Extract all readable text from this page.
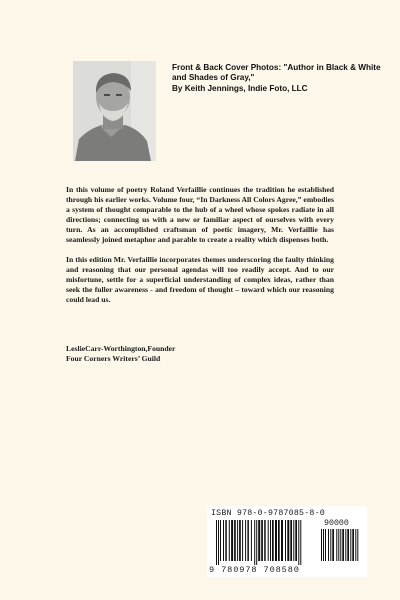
Front & Back Cover Photos: "Author in Black & White and Shades of Gray,"
By Keith Jennings, Indie Foto, LLC

In this volume of poetry Roland Verfaillie continues the tradition he established through his earlier works. Volume four, “In Darkness All Colors Agree,” embodies a system of thought comparable to the hub of a wheel whose spokes radiate in all directions; connecting us with a new or familiar aspect of ourselves with every turn. As an accomplished craftsman of poetic imagery, Mr. Verfaillie has seamlessly joined metaphor and parable to create a reality which dispenses both.

In this edition Mr. Verfaillie incorporates themes underscoring the faulty thinking and reasoning that our personal agendas will too readily accept. And to our misfortune, settle for a superficial understanding of complex ideas, rather than seek the fuller awareness - and freedom of thought – toward which our reasoning could lead us.

LeslieCarr-Worthington,Founder
Four Corners Writers’ Guild
ISBN 978-0-9787085-8-0
90000
9 780978 708580
